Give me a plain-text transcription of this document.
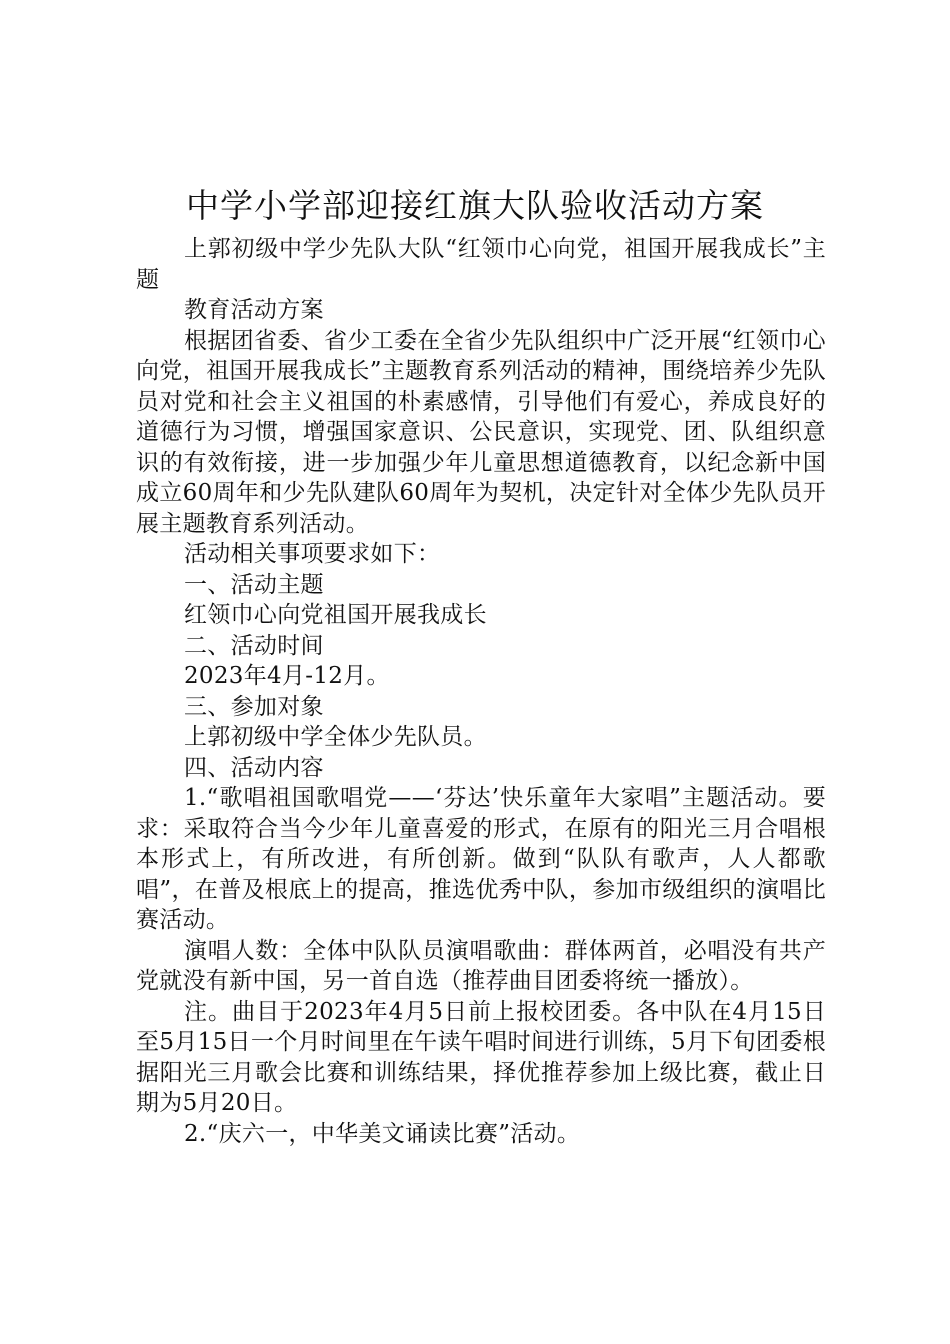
中学小学部迎接红旗大队验收活动方案

上郭初级中学少先队大队“红领巾心向党，祖国开展我成长”主题

教育活动方案

根据团省委、省少工委在全省少先队组织中广泛开展“红领巾心向党，祖国开展我成长”主题教育系列活动的精神，围绕培养少先队员对党和社会主义祖国的朴素感情，引导他们有爱心，养成良好的道德行为习惯，增强国家意识、公民意识，实现党、团、队组织意识的有效衔接，进一步加强少年儿童思想道德教育，以纪念新中国成立60周年和少先队建队60周年为契机，决定针对全体少先队员开展主题教育系列活动。

活动相关事项要求如下：

一、活动主题

红领巾心向党祖国开展我成长

二、活动时间

2023年4月-12月。

三、参加对象

上郭初级中学全体少先队员。

四、活动内容

1.“歌唱祖国歌唱党——‘芬达’快乐童年大家唱”主题活动。要求：采取符合当今少年儿童喜爱的形式，在原有的阳光三月合唱根本形式上，有所改进，有所创新。做到“队队有歌声，人人都歌唱”，在普及根底上的提高，推选优秀中队，参加市级组织的演唱比赛活动。

演唱人数：全体中队队员演唱歌曲：群体两首，必唱没有共产党就没有新中国，另一首自选（推荐曲目团委将统一播放）。

注。曲目于2023年4月5日前上报校团委。各中队在4月15日至5月15日一个月时间里在午读午唱时间进行训练，5月下旬团委根据阳光三月歌会比赛和训练结果，择优推荐参加上级比赛，截止日期为5月20日。

2.“庆六一，中华美文诵读比赛”活动。
